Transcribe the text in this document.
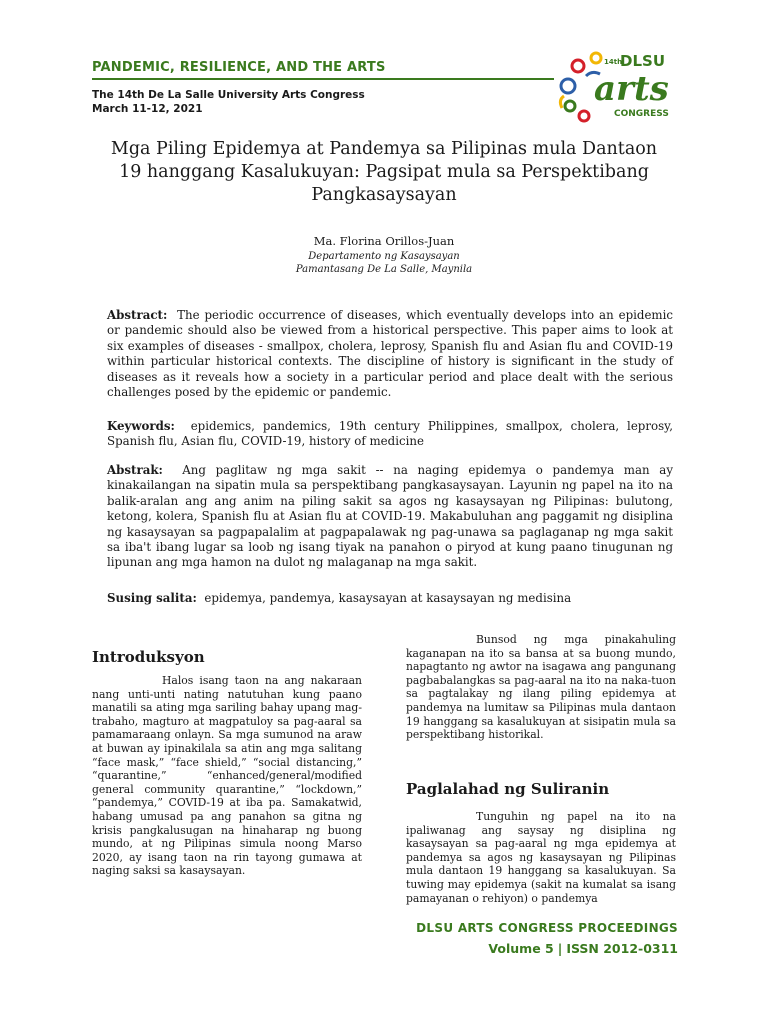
PANDEMIC, RESILIENCE, AND THE ARTS
The 14th De La Salle University Arts Congress
March 11-12, 2021
14th
DLSU
arts
CONGRESS
Mga Piling Epidemya at Pandemya sa Pilipinas mula Dantaon 19 hanggang Kasalukuyan: Pagsipat mula sa Perspektibang Pangkasaysayan
Ma. Florina Orillos-Juan
Departamento ng Kasaysayan
Pamantasang De La Salle, Maynila
Abstract: The periodic occurrence of diseases, which eventually develops into an epidemic or pandemic should also be viewed from a historical perspective. This paper aims to look at six examples of diseases - smallpox, cholera, leprosy, Spanish flu and Asian flu and COVID-19 within particular historical contexts. The discipline of history is significant in the study of diseases as it reveals how a society in a particular period and place dealt with the serious challenges posed by the epidemic or pandemic.
Keywords: epidemics, pandemics, 19th century Philippines, smallpox, cholera, leprosy, Spanish flu, Asian flu, COVID-19, history of medicine
Abstrak: Ang paglitaw ng mga sakit -- na naging epidemya o pandemya man ay kinakailangan na sipatin mula sa perspektibang pangkasaysayan. Layunin ng papel na ito na balik-aralan ang ang anim na piling sakit sa agos ng kasaysayan ng Pilipinas: bulutong, ketong, kolera, Spanish flu at Asian flu at COVID-19. Makabuluhan ang paggamit ng disiplina ng kasaysayan sa pagpapalalim at pagpapalawak ng pag-unawa sa paglaganap ng mga sakit sa iba't ibang lugar sa loob ng isang tiyak na panahon o piryod at kung paano tinugunan ng lipunan ang mga hamon na dulot ng malaganap na mga sakit.
Susing salita: epidemya, pandemya, kasaysayan at kasaysayan ng medisina
Introduksyon

Halos isang taon na ang nakaraan nang unti-unti nating natutuhan kung paano manatili sa ating mga sariling bahay upang mag-trabaho, magturo at magpatuloy sa pag-aaral sa pamamaraang onlayn. Sa mga sumunod na araw at buwan ay ipinakilala sa atin ang mga salitang “face mask,” “face shield,” “social distancing,” “quarantine,” “enhanced/general/modified general community quarantine,” “lockdown,” “pandemya,” COVID-19 at iba pa. Samakatwid, habang umusad pa ang panahon sa gitna ng krisis pangkalusugan na hinaharap ng buong mundo, at ng Pilipinas simula noong Marso 2020, ay isang taon na rin tayong gumawa at naging saksi sa kasaysayan.

Bunsod ng mga pinakahuling kaganapan na ito sa bansa at sa buong mundo, napagtanto ng awtor na isagawa ang pangunang pagbabalangkas sa pag-aaral na ito na naka-tuon sa pagtalakay ng ilang piling epidemya at pandemya na lumitaw sa Pilipinas mula dantaon 19 hanggang sa kasalukuyan at sisipatin mula sa perspektibang historikal.

Paglalahad ng Suliranin

Tunguhin ng papel na ito na ipaliwanag ang saysay ng disiplina ng kasaysayan sa pag-aaral ng mga epidemya at pandemya sa agos ng kasaysayan ng Pilipinas mula dantaon 19 hanggang sa kasalukuyan. Sa tuwing may epidemya (sakit na kumalat sa isang pamayanan o rehiyon) o pandemya

DLSU ARTS CONGRESS PROCEEDINGS
Volume 5 | ISSN 2012-0311
